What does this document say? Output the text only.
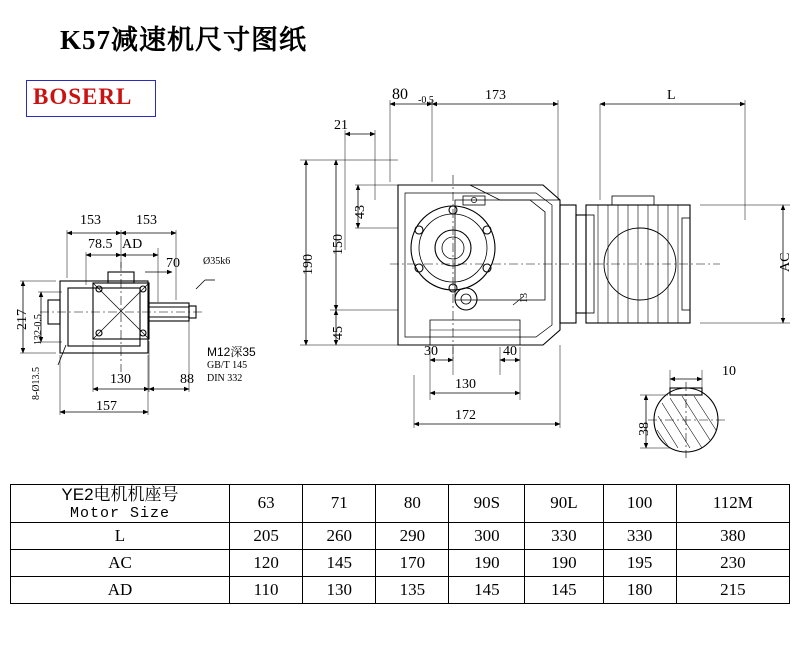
K57减速机尺寸图纸
BOSERL
153	153
78.5 AD
70 Ø35k6
217 132-0.5
8-Ø13.5	130	88
157
M12深35
GB/T 145
DIN 332
80 -0.5	173	L
21
43
190
150
45
AC
13
30	40
130
172
10
38
YE2电机机座号
Motor Size	63	71	80	90S	90L	100	112M
L	205	260	290	300	330	330	380
AC	120	145	170	190	190	195	230
AD	110	130	135	145	145	180	215
